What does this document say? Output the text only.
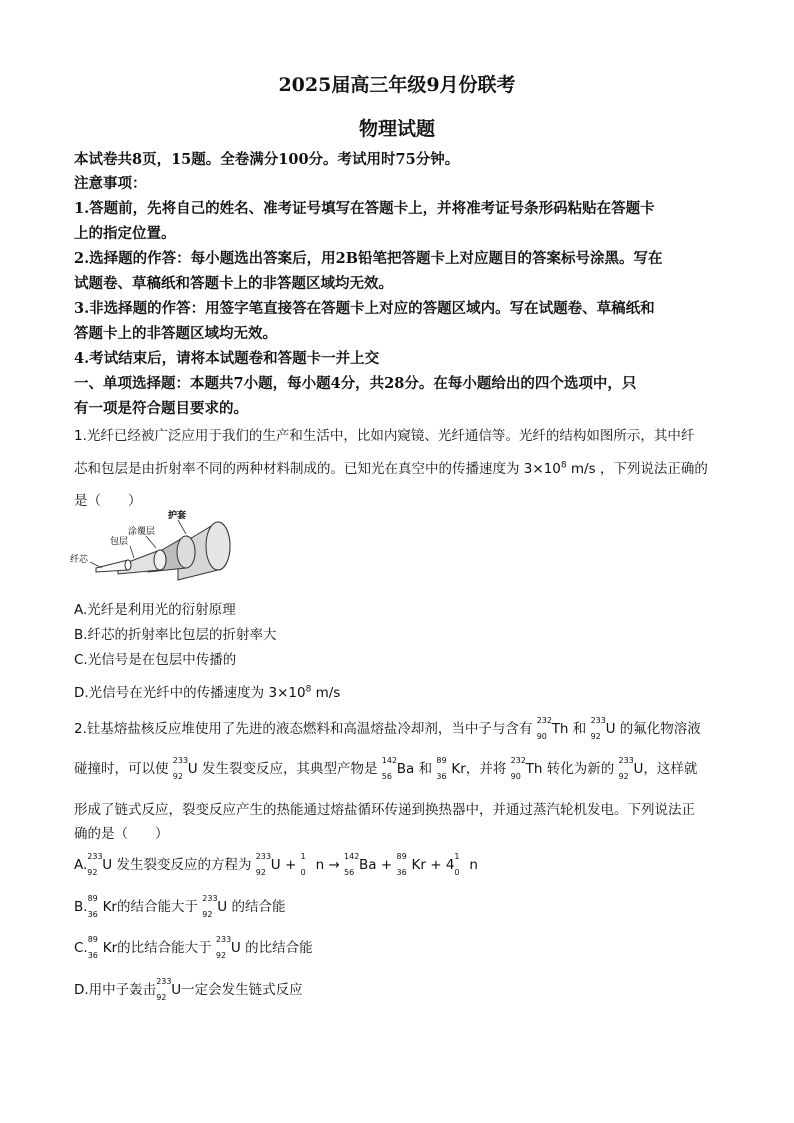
2025届高三年级9月份联考
物理试题
本试卷共8页，15题。全卷满分100分。考试用时75分钟。
注意事项：
1.答题前，先将自己的姓名、准考证号填写在答题卡上，并将准考证号条形码粘贴在答题卡
上的指定位置。
2.选择题的作答：每小题选出答案后，用2B铅笔把答题卡上对应题目的答案标号涂黑。写在
试题卷、草稿纸和答题卡上的非答题区域均无效。
3.非选择题的作答：用签字笔直接答在答题卡上对应的答题区域内。写在试题卷、草稿纸和
答题卡上的非答题区域均无效。
4.考试结束后，请将本试题卷和答题卡一并上交
一、单项选择题：本题共7小题，每小题4分，共28分。在每小题给出的四个选项中，只
有一项是符合题目要求的。
1.光纤已经被广泛应用于我们的生产和生活中，比如内窥镜、光纤通信等。光纤的结构如图所示，其中纤
芯和包层是由折射率不同的两种材料制成的。已知光在真空中的传播速度为 $3\times 10^8$ m/s ，下列说法正确的
是（　　）
纤芯
包层
涂覆层
护套
A.光纤是利用光的衍射原理
B.纤芯的折射率比包层的折射率大
C.光信号是在包层中传播的
D.光信号在光纤中的传播速度为 $3\times 10^8$ m/s
2.钍基熔盐核反应堆使用了先进的液态燃料和高温熔盐冷却剂，当中子与含有
232
90 Th 和
233
92 U 的氟化物溶液
碰撞时，可以使
233
92 U 发生裂变反应，其典型产物是
142
56 Ba 和
89
36 Kr，并将
232
90 Th 转化为新的
233
92 U，这样就
形成了链式反应，裂变反应产生的热能通过熔盐循环传递到换热器中，并通过蒸汽轮机发电。下列说法正
确的是（　　）
A.
233
92 U 发生裂变反应的方程为
233
92 U +
1
0 n →
142
56 Ba +
89
36 Kr + 4
1
0 n
B.
89
36 Kr的结合能大于
233
92 U 的结合能
C.
89
36 Kr的比结合能大于
233
92 U 的比结合能
D.用中子轰击
233
92 U一定会发生链式反应
